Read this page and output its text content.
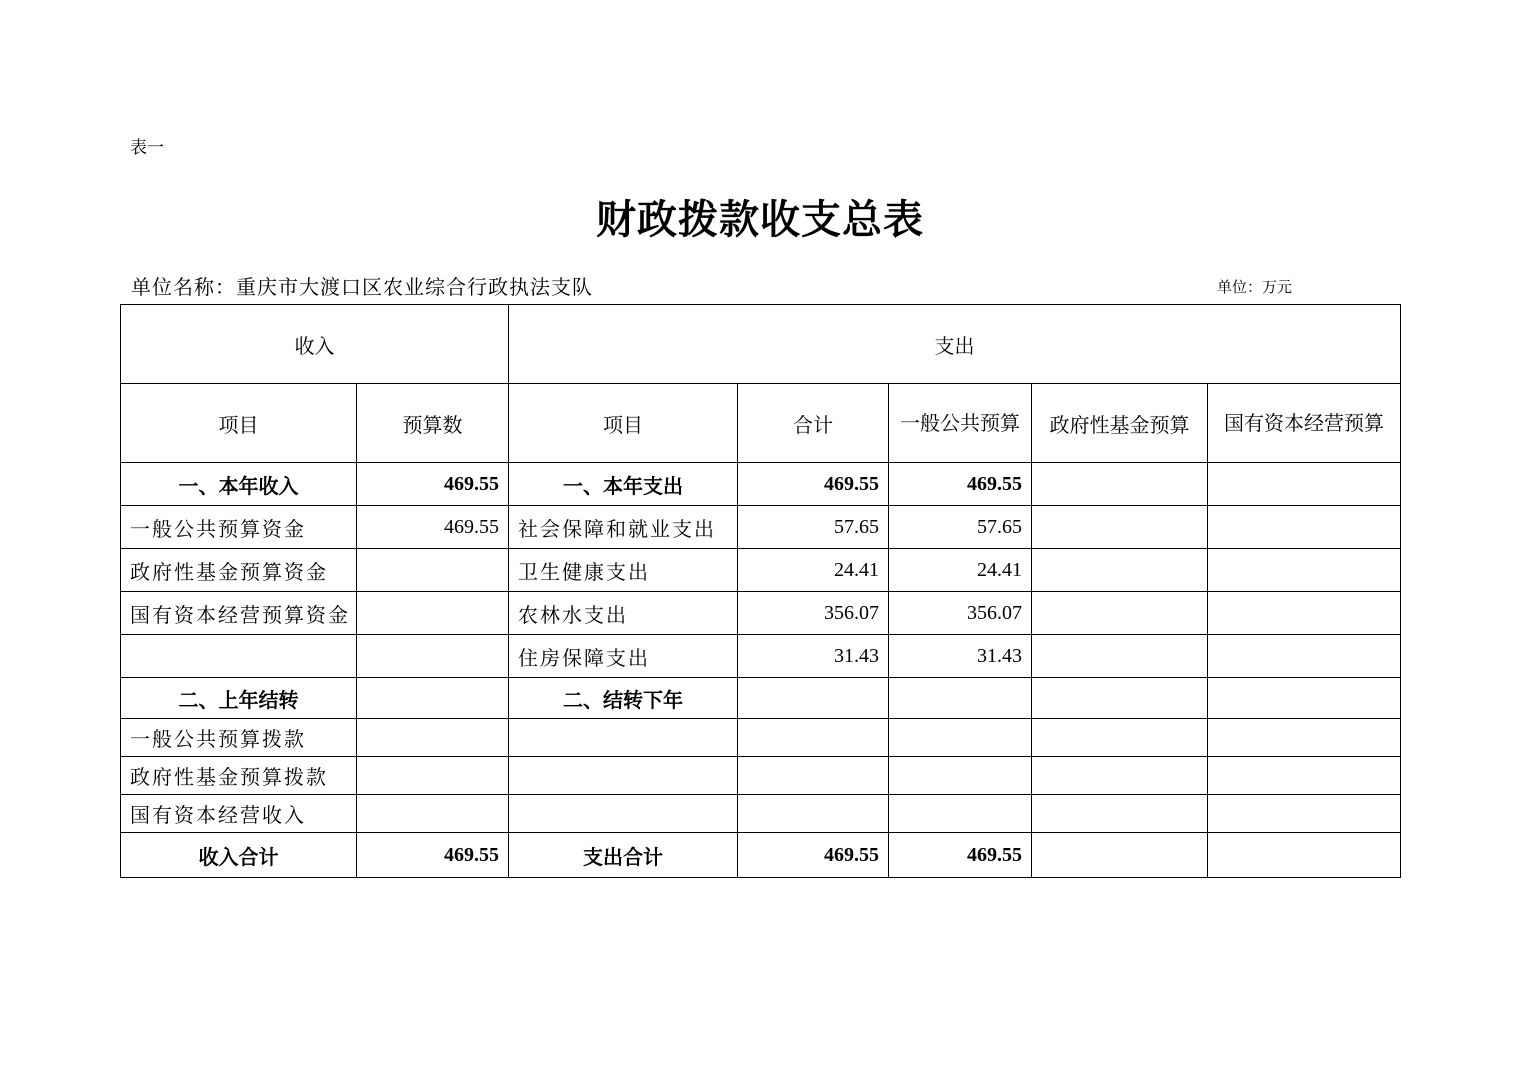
表一
财政拨款收支总表
单位名称：重庆市大渡口区农业综合行政执法支队	单位：万元
收入		支出				
项目	预算数	项目	合计	一般公共预算	政府性基金预算	国有资本经营预算
一、本年收入	469.55	一、本年支出	469.55	469.55		
一般公共预算资金	469.55	社会保障和就业支出	57.65	57.65		
政府性基金预算资金		卫生健康支出	24.41	24.41		
国有资本经营预算资金		农林水支出	356.07	356.07		
		住房保障支出	31.43	31.43		
二、上年结转		二、结转下年				
一般公共预算拨款						
政府性基金预算拨款						
国有资本经营收入						
收入合计	469.55	支出合计	469.55	469.55		
